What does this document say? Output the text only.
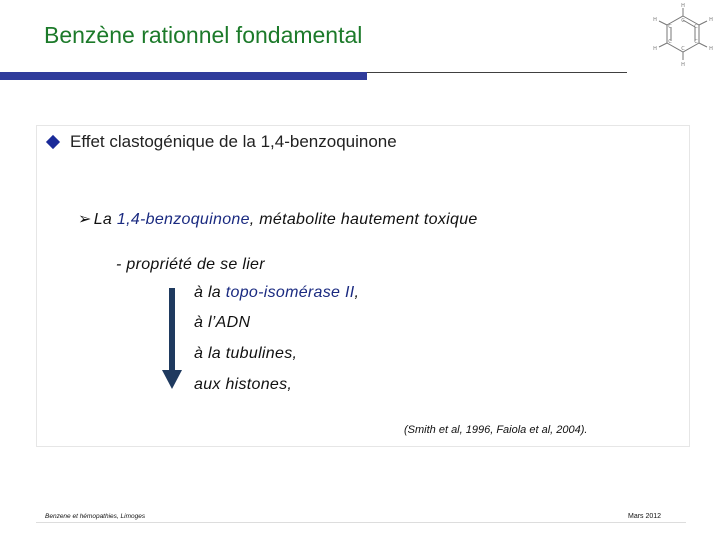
Benzène rationnel fondamental
H
H
H
H
H
H
C
C
C
C
C
C
Effet clastogénique de la 1,4-benzoquinone
➢ La 1,4-benzoquinone, métabolite hautement toxique
- propriété de se lier
à la topo-isomérase II,
à l’ADN
à la tubulines,
aux histones,
(Smith et al, 1996, Faiola et al, 2004).
Benzene et hémopathies, Limoges	Mars 2012
